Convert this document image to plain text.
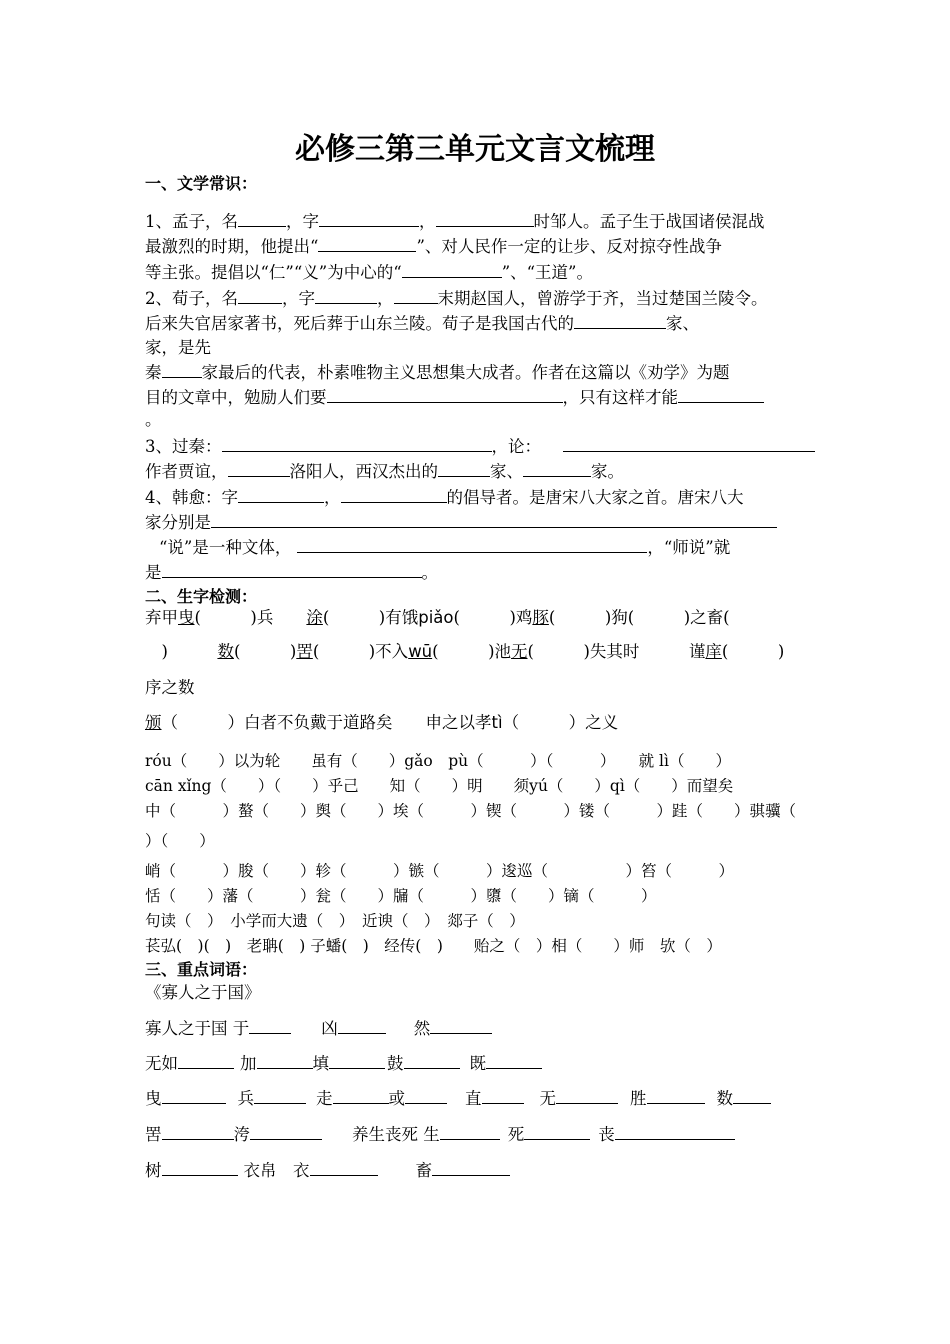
必修三第三单元文言文梳理
一、文学常识：
1、孟子，名	，字	，	时邹人。孟子生于战国诸侯混战
最激烈的时期，他提出“	”、对人民作一定的让步、反对掠夺性战争
等主张。提倡以“仁”“义”为中心的“	”、“王道”。
2、荀子，名	，字	，	末期赵国人，曾游学于齐，当过楚国兰陵令。
后来失官居家著书，死后葬于山东兰陵。荀子是我国古代的	家、
家，是先
秦 家最后的代表，朴素唯物主义思想集大成者。作者在这篇以《劝学》为题
目的文章中，勉励人们要	，只有这样才能
。
3、过秦：	，论：
作者贾谊，	洛阳人，西汉杰出的	家、	家。
4、韩愈：字	，	的倡导者。是唐宋八大家之首。唐宋八大
家分别是
“说”是一种文体，	，“师说”就
是	。
二、生字检测：
弃甲曳(　　　)兵　　涂(　　　)有饿piǎo(　　　)鸡豚(　　　)狗(　　　)之畜(
　)　　　数(　　　)罟(　　　)不入wū(　　　)池无(　　　)失其时　　　谨庠(　　　)
序之数
颁（　　　）白者不负戴于道路矣　　申之以孝tì（　　　）之义
róu（　　）以为轮　　虽有（　　）gǎo　pù（　　　）（　　　）　　就 lì（　　）
cān xǐng（　　）（　　）乎己　　知（　　）明　　须yú（　　）qì（　　）而望矣
中（　　　）螯（　　）舆（　　）埃（　　　）锲（　　　）镂（　　　）跬（　　）骐骥（
）（　　）
峭（　　　）朘（　　）轸（　　　）镞（　　　）逡巡（　　　　　）笞（　　　）
恬（　　）藩（　　　）瓮（　　）牖（　　　）隳（　　）镝（　　　）
句读（　）　小学而大遗（　）　近谀（　）　郯子（　）
苌弘(　)(　)　老聃(　) 子蟠(　)　经传(　)　　贻之（　）相（　　）师　欤（　）
三、重点词语：
《寡人之于国》
寡人之于国 于	凶	然
无如	加	填	鼓	既
曳	兵	走	或	直	无	胜	数
罟	洿	养生丧死 生	死	丧
树	衣帛　衣	畜
